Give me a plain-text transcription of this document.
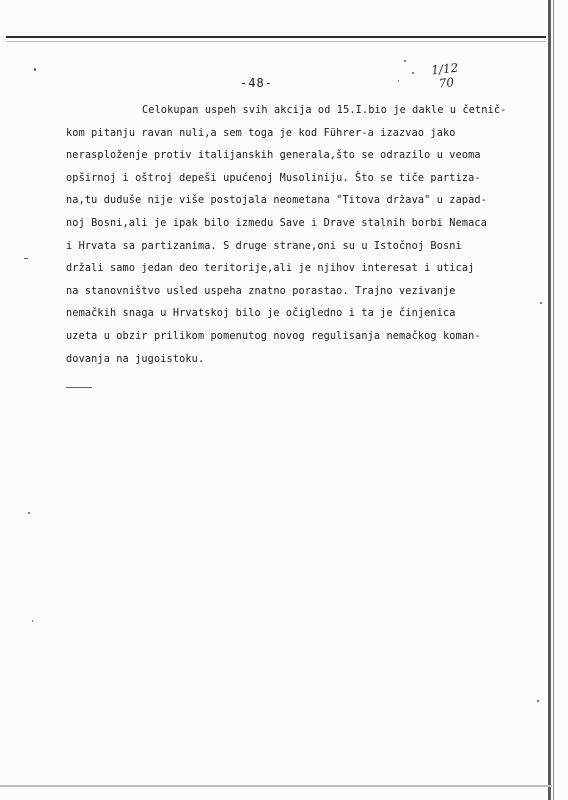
1/12
70
-48-
Celokupan uspeh svih akcija od 15.I.bio je dakle u četnič-
kom pitanju ravan nuli,a sem toga je kod Führer-a izazvao jako
nerasploženje protiv italijanskih generala,što se odrazilo u veoma
opširnoj i oštroj depeši upućenoj Musoliniju. Što se tiče partiza-
na,tu duduše nije više postojala neometana "Titova država" u zapad-
noj Bosni,ali je ipak bilo izmedu Save i Drave stalnih borbi Nemaca
i Hrvata sa partizanima. S druge strane,oni su u Istočnoj Bosni
držali samo jedan deo teritorije,ali je njihov interesat i uticaj
na stanovništvo usled uspeha znatno porastao. Trajno vezivanje
nemačkih snaga u Hrvatskoj bilo je očigledno i ta je činjenica
uzeta u obzir prilikom pomenutog novog regulisanja nemačkog koman-
dovanja na jugoistoku.
